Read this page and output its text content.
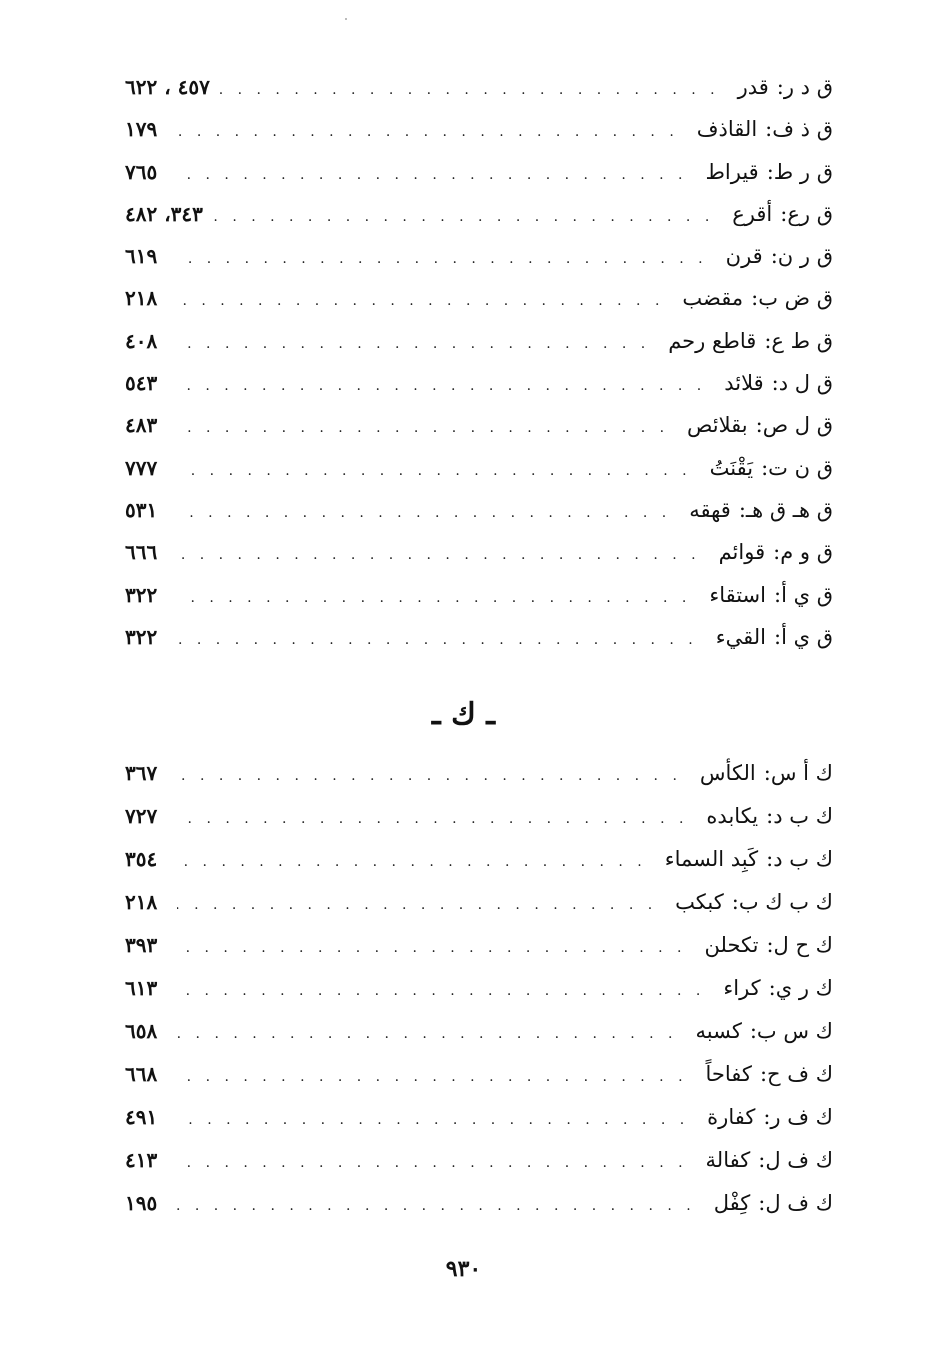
ق د ر
:
قدر
. . .
٤٥٧ ، ٦٢٢
ق ذ ف
:
القاذف
. . .
١٧٩
ق ر ط
:
قيراط
. . .
٧٦٥
ق رع
:
أقرع
. . .
٣٤٣، ٤٨٢
ق ر ن
:
قرن
. . .
٦١٩
ق ض ب
:
مقضب
. . .
٢١٨
ق ط ع
:
قاطع رحم
. . .
٤٠٨
ق ل د
:
قلائد
. . .
٥٤٣
ق ل ص
:
بقلائص
. . .
٤٨٣
ق ن ت
:
يَقْنَتُ
. . .
٧٧٧
ق هـ ق هـ
:
قهقه
. . .
٥٣١
ق و م
:
قوائم
. . .
٦٦٦
ق ي أ
:
استقاء
. . .
٣٢٢
ق ي أ
:
القيء
. . .
٣٢٢
ـ ك ـ
ك أ س
:
الكأس
. . .
٣٦٧
ك ب د
:
يكابده
. . .
٧٢٧
ك ب د
:
كَبِد السماء
. . .
٣٥٤
ك ب ك ب
:
كبكب
. . .
٢١٨
ك ح ل
:
تكحلن
. . .
٣٩٣
ك ر ي
:
كراء
. . .
٦١٣
ك س ب
:
كسبه
. . .
٦٥٨
ك ف ح
:
كفاحاً
. . .
٦٦٨
ك ف ر
:
كفارة
. . .
٤٩١
ك ف ل
:
كفالة
. . .
٤١٣
ك ف ل
:
كِفْل
. . .
١٩٥
٩٣٠
